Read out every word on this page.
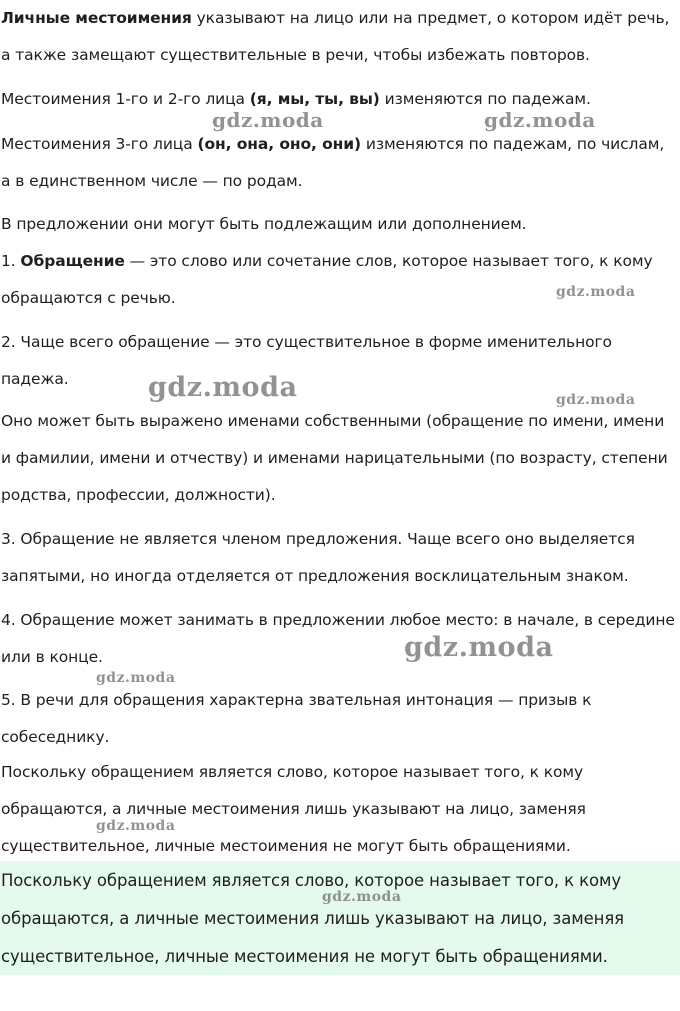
Личные местоимения указывают на лицо или на предмет, о котором идёт речь, а также замещают существительные в речи, чтобы избежать повторов.

Местоимения 1-го и 2-го лица (я, мы, ты, вы) изменяются по падежам.

Местоимения 3-го лица (он, она, оно, они) изменяются по падежам, по числам, а в единственном числе — по родам.

В предложении они могут быть подлежащим или дополнением.

1. Обращение — это слово или сочетание слов, которое называет того, к кому обращаются с речью.

2. Чаще всего обращение — это существительное в форме именительного падежа.

Оно может быть выражено именами собственными (обращение по имени, имени и фамилии, имени и отчеству) и именами нарицательными (по возрасту, степени родства, профессии, должности).

3. Обращение не является членом предложения. Чаще всего оно выделяется запятыми, но иногда отделяется от предложения восклицательным знаком.

4. Обращение может занимать в предложении любое место: в начале, в середине или в конце.

5. В речи для обращения характерна звательная интонация — призыв к собеседнику.

Поскольку обращением является слово, которое называет того, к кому обращаются, а личные местоимения лишь указывают на лицо, заменяя существительное, личные местоимения не могут быть обращениями.

Поскольку обращением является слово, которое называет того, к кому обращаются, а личные местоимения лишь указывают на лицо, заменяя существительное, личные местоимения не могут быть обращениями.

gdz.moda	gdz.moda
gdz.moda
gdz.moda	gdz.moda
gdz.moda
gdz.moda
gdz.moda
gdz.moda
